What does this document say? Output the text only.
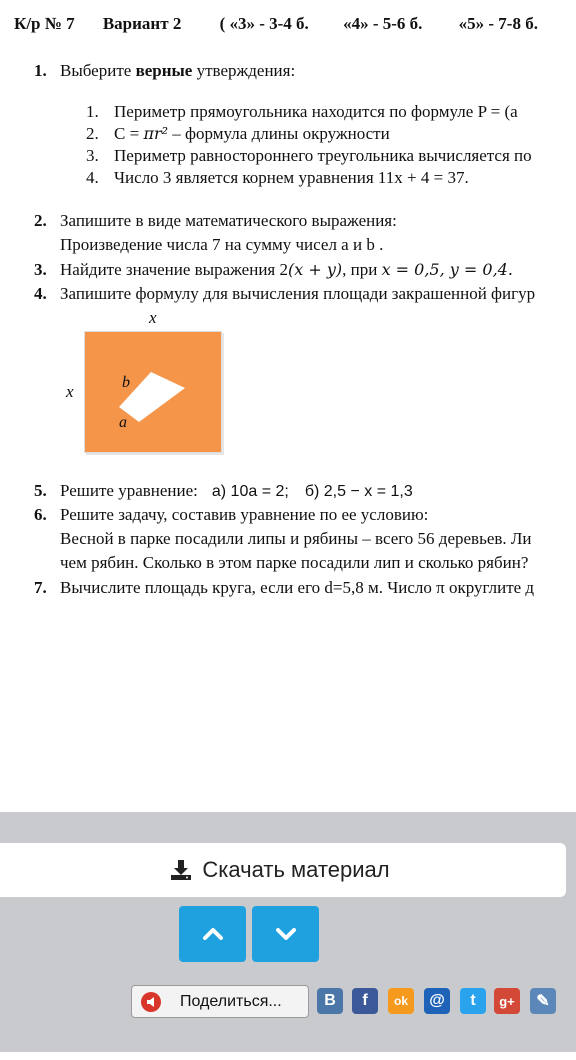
К/р № 7 Вариант 2 ( «3» - 3-4 б. «4» - 5-6 б. «5» - 7-8 б.
1. Выберите верные утверждения:
1. Периметр прямоугольника находится по формуле P = (a
2. C = πr² – формула длины окружности
3. Периметр равностороннего треугольника вычисляется по
4. Число 3 является корнем уравнения 11x + 4 = 37.
2. Запишите в виде математического выражения:
Произведение числа 7 на сумму чисел a и b .
3. Найдите значение выражения 2(x + y), при x = 0,5, y = 0,4.
4. Запишите формулу для вычисления площади закрашенной фигур
x
x	b
a
5. Решите уравнение: а) 10a = 2; б) 2,5 − x = 1,3
6. Решите задачу, составив уравнение по ее условию:
Весной в парке посадили липы и рябины – всего 56 деревьев. Ли
чем рябин. Сколько в этом парке посадили лип и сколько рябин?
7. Вычислите площадь круга, если его d=5,8 м. Число π округлите д
Скачать материал
Поделиться...	В	f	ok	@	t	g+	✎
